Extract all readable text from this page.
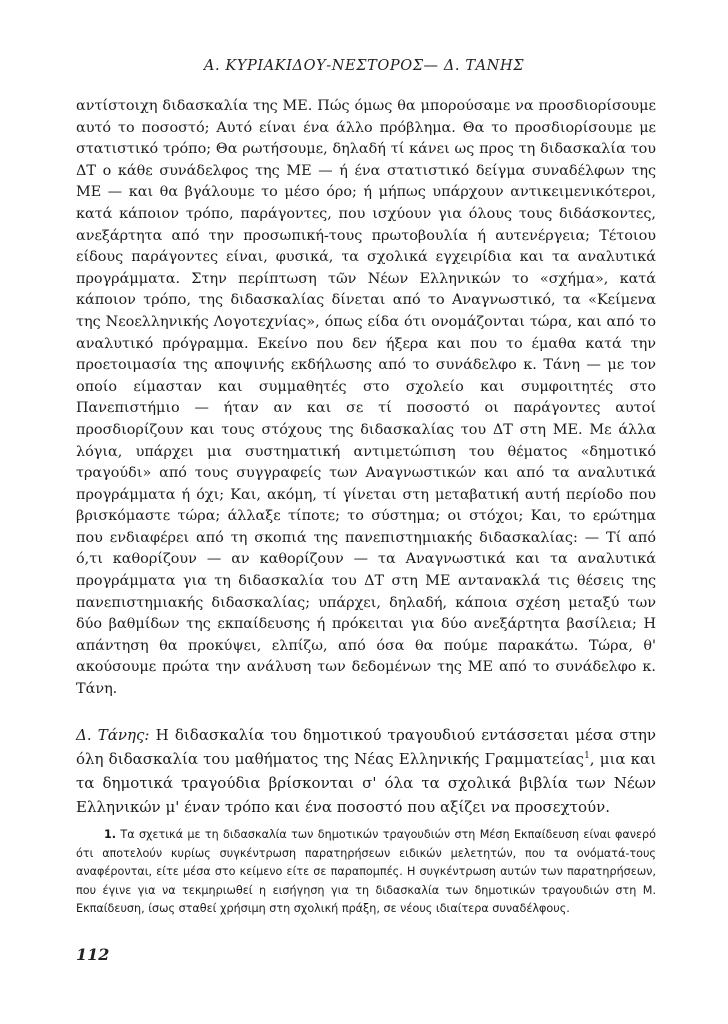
Α. ΚΥΡΙΑΚΙΔΟΥ-ΝΕΣΤΟΡΟΣ— Δ. ΤΑΝΗΣ

αντίστοιχη διδασκαλία της ΜΕ. Πώς όμως θα μπορούσαμε να προσδιορίσουμε αυτό το ποσοστό; Αυτό είναι ένα άλλο πρόβλημα. Θα το προσδιορίσουμε με στατιστικό τρόπο; Θα ρωτήσουμε, δηλαδή τί κάνει ως προς τη διδασκαλία του ΔΤ ο κάθε συνάδελφος της ΜΕ — ή ένα στατιστικό δείγμα συναδέλφων της ΜΕ — και θα βγάλουμε το μέσο όρο; ή μήπως υπάρχουν αντικειμενικότεροι, κατά κάποιον τρόπο, παράγοντες, που ισχύουν για όλους τους διδάσκοντες, ανεξάρτητα από την προσωπική-τους πρωτοβουλία ή αυτενέργεια; Τέτοιου είδους παράγοντες είναι, φυσικά, τα σχολικά εγχειρίδια και τα αναλυτικά προγράμματα. Στην περίπτωση τῶν Νέων Ελληνικών το «σχήμα», κατά κάποιον τρόπο, της διδασκαλίας δίνεται από το Αναγνωστικό, τα «Κείμενα της Νεοελληνικής Λογοτεχνίας», όπως είδα ότι ονομάζονται τώρα, και από το αναλυτικό πρόγραμμα. Εκείνο που δεν ήξερα και που το έμαθα κατά την προετοιμασία της αποψινής εκδήλωσης από το συνάδελφο κ. Τάνη — με τον οποίο είμασταν και συμμαθητές στο σχολείο και συμφοιτητές στο Πανεπιστήμιο — ήταν αν και σε τί ποσοστό οι παράγοντες αυτοί προσδιορίζουν και τους στόχους της διδασκαλίας του ΔΤ στη ΜΕ. Με άλλα λόγια, υπάρχει μια συστηματική αντιμετώπιση του θέματος «δημοτικό τραγούδι» από τους συγγραφείς των Αναγνωστικών και από τα αναλυτικά προγράμματα ή όχι; Και, ακόμη, τί γίνεται στη μεταβατική αυτή περίοδο που βρισκόμαστε τώρα; άλλαξε τίποτε; το σύστημα; οι στόχοι; Και, το ερώτημα που ενδιαφέρει από τη σκοπιά της πανεπιστημιακής διδασκαλίας: — Τί από ό,τι καθορίζουν — αν καθορίζουν — τα Αναγνωστικά και τα αναλυτικά προγράμματα για τη διδασκαλία του ΔΤ στη ΜΕ αντανακλά τις θέσεις της πανεπιστημιακής διδασκαλίας; υπάρχει, δηλαδή, κάποια σχέση μεταξύ των δύο βαθμίδων της εκπαίδευσης ή πρόκειται για δύο ανεξάρτητα βασίλεια; Η απάντηση θα προκύψει, ελπίζω, από όσα θα πούμε παρακάτω. Τώρα, θ' ακούσουμε πρώτα την ανάλυση των δεδομένων της ΜΕ από το συνάδελφο κ. Τάνη.

Δ. Τάνης: Η διδασκαλία του δημοτικού τραγουδιού εντάσσεται μέσα στην όλη διδασκαλία του μαθήματος της Νέας Ελληνικής Γραμματείας$^1$, μια και τα δημοτικά τραγούδια βρίσκονται σ' όλα τα σχολικά βιβλία των Νέων Ελληνικών μ' έναν τρόπο και ένα ποσοστό που αξίζει να προσεχτούν.

1. Τα σχετικά με τη διδασκαλία των δημοτικών τραγουδιών στη Μέση Εκπαίδευση είναι φανερό ότι αποτελούν κυρίως συγκέντρωση παρατηρήσεων ειδικών μελετητών, που τα ονόματά-τους αναφέρονται, είτε μέσα στο κείμενο είτε σε παραπομπές. Η συγκέντρωση αυτών των παρατηρήσεων, που έγινε για να τεκμηριωθεί η εισήγηση για τη διδασκαλία των δημοτικών τραγουδιών στη Μ. Εκπαίδευση, ίσως σταθεί χρήσιμη στη σχολική πράξη, σε νέους ιδιαίτερα συναδέλφους.
112
